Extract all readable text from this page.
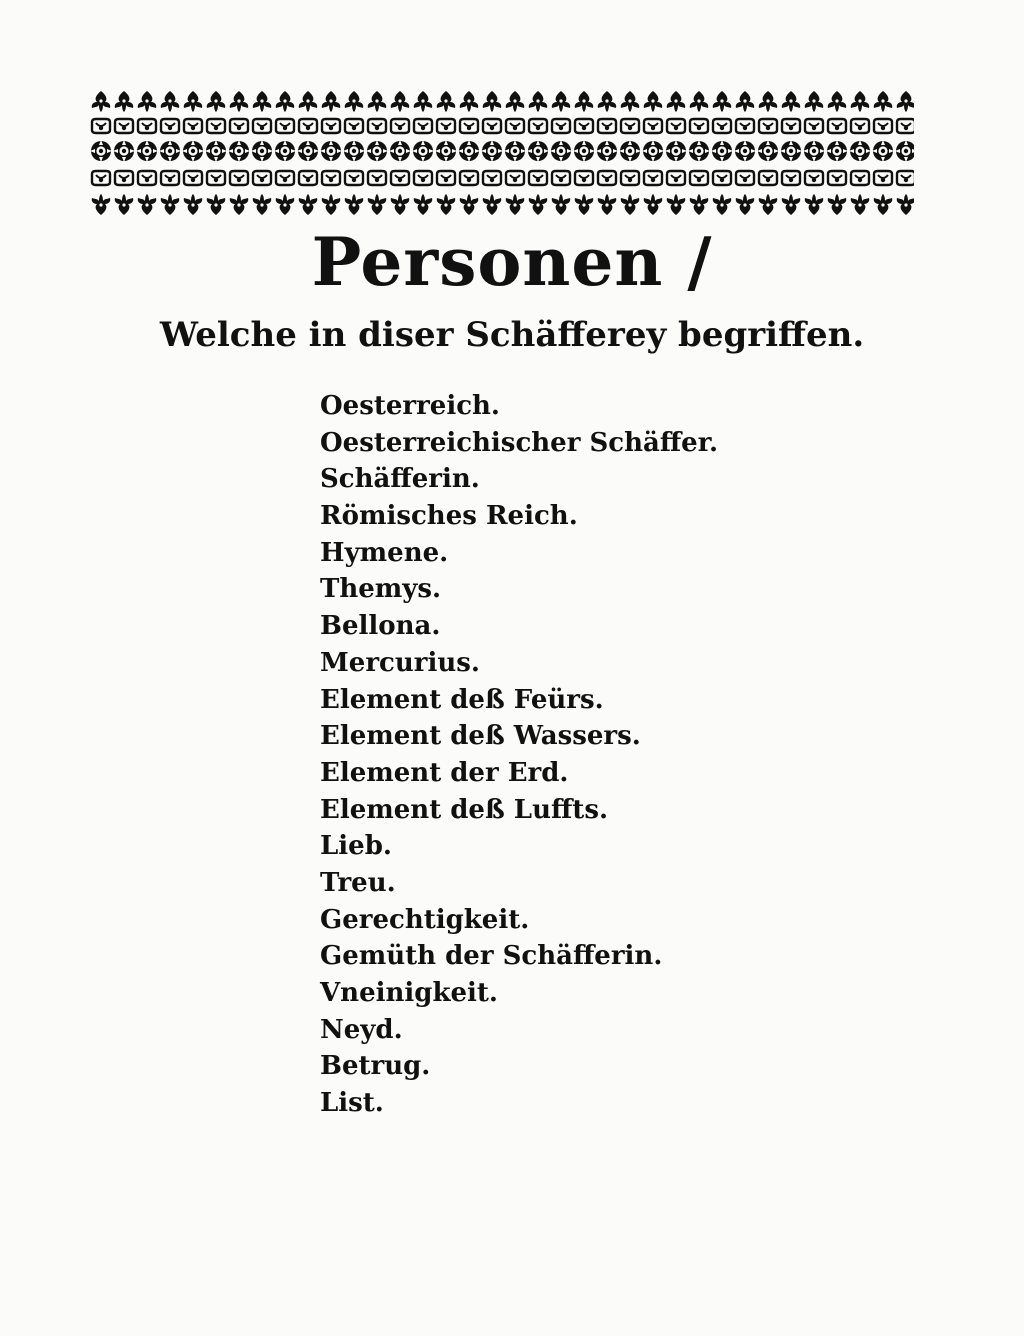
Personen /
Welche in diser Schäfferey begriffen.
Oesterreich.
Oesterreichischer Schäffer.
Schäfferin.
Römisches Reich.
Hymene.
Themys.
Bellona.
Mercurius.
Element deß Feürs.
Element deß Wassers.
Element der Erd.
Element deß Luffts.
Lieb.
Treu.
Gerechtigkeit.
Gemüth der Schäfferin.
Vneinigkeit.
Neyd.
Betrug.
List.
